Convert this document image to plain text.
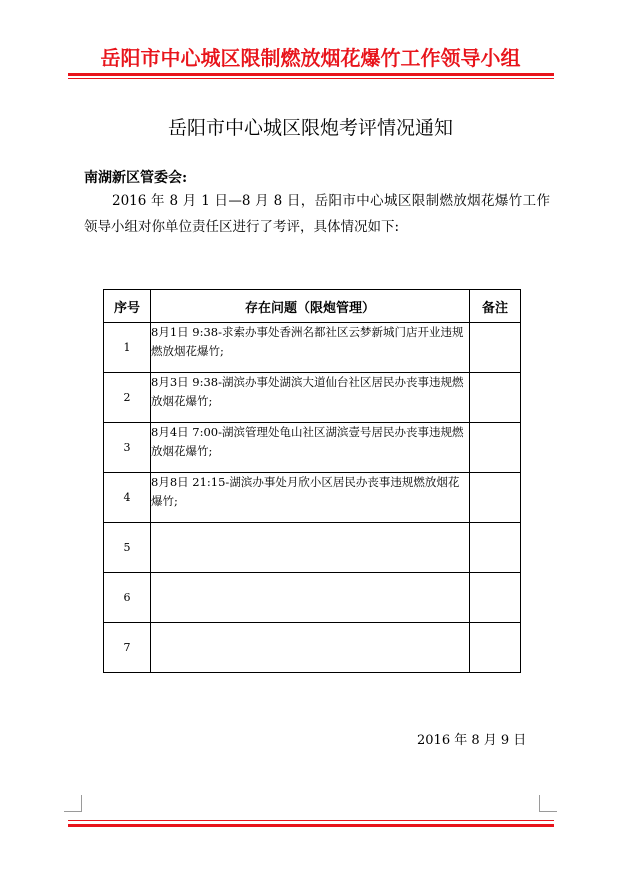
岳阳市中心城区限制燃放烟花爆竹工作领导小组
岳阳市中心城区限炮考评情况通知
南湖新区管委会:
2016 年 8 月 1 日—8 月 8 日，岳阳市中心城区限制燃放烟花爆竹工作领导小组对你单位责任区进行了考评，具体情况如下:
序号	存在问题（限炮管理）	备注
1	8月1日 9:38-求索办事处香洲名都社区云梦新城门店开业违规燃放烟花爆竹;	
2	8月3日 9:38-湖滨办事处湖滨大道仙台社区居民办丧事违规燃放烟花爆竹;	
3	8月4日 7:00-湖滨管理处龟山社区湖滨壹号居民办丧事违规燃放烟花爆竹;	
4	8月8日 21:15-湖滨办事处月欣小区居民办丧事违规燃放烟花爆竹;	
5		
6		
7		
2016 年 8 月 9 日
